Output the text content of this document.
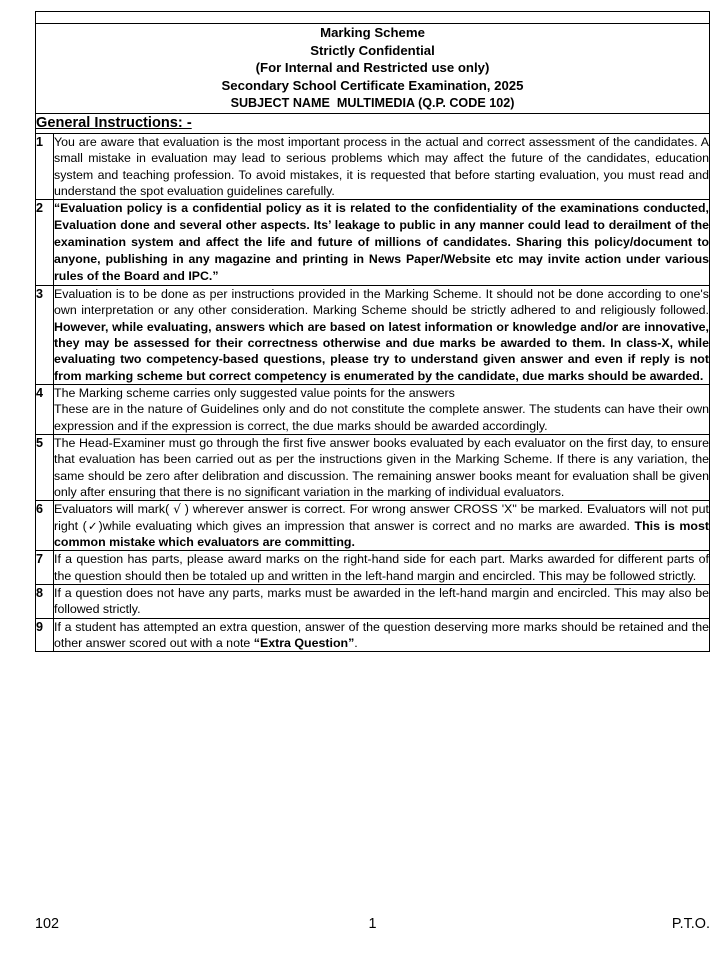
Marking Scheme
Strictly Confidential
(For Internal and Restricted use only)
Secondary School Certificate Examination, 2025
SUBJECT NAME  MULTIMEDIA (Q.P. CODE 102)	

General Instructions: -	
1	You are aware that evaluation is the most important process in the actual and correct assessment of the candidates. A small mistake in evaluation may lead to serious problems which may affect the future of the candidates, education system and teaching profession. To avoid mistakes, it is requested that before starting evaluation, you must read and understand the spot evaluation guidelines carefully.
2	“Evaluation policy is a confidential policy as it is related to the confidentiality of the examinations conducted, Evaluation done and several other aspects. Its’ leakage to public in any manner could lead to derailment of the examination system and affect the life and future of millions of candidates. Sharing this policy/document to anyone, publishing in any magazine and printing in News Paper/Website etc may invite action under various rules of the Board and IPC.”
3	Evaluation is to be done as per instructions provided in the Marking Scheme. It should not be done according to one's own interpretation or any other consideration. Marking Scheme should be strictly adhered to and religiously followed. However, while evaluating, answers which are based on latest information or knowledge and/or are innovative, they may be assessed for their correctness otherwise and due marks be awarded to them. In class-X, while evaluating two competency-based questions, please try to understand given answer and even if reply is not from marking scheme but correct competency is enumerated by the candidate, due marks should be awarded.

4	The Marking scheme carries only suggested value points for the answers

These are in the nature of Guidelines only and do not constitute the complete answer. The students can have their own expression and if the expression is correct, the due marks should be awarded accordingly.

5	The Head-Examiner must go through the first five answer books evaluated by each evaluator on the first day, to ensure that evaluation has been carried out as per the instructions given in the Marking Scheme. If there is any variation, the same should be zero after delibration and discussion. The remaining answer books meant for evaluation shall be given only after ensuring that there is no significant variation in the marking of individual evaluators.
6	Evaluators will mark( √ ) wherever answer is correct. For wrong answer CROSS 'X" be marked. Evaluators will not put right (✓)while evaluating which gives an impression that answer is correct and no marks are awarded. This is most common mistake which evaluators are committing.

7	If a question has parts, please award marks on the right-hand side for each part. Marks awarded for different parts of the question should then be totaled up and written in the left-hand margin and encircled. This may be followed strictly.
8	If a question does not have any parts, marks must be awarded in the left-hand margin and encircled. This may also be followed strictly.
9	If a student has attempted an extra question, answer of the question deserving more marks should be retained and the other answer scored out with a note “Extra Question”.

102	1	P.T.O.
